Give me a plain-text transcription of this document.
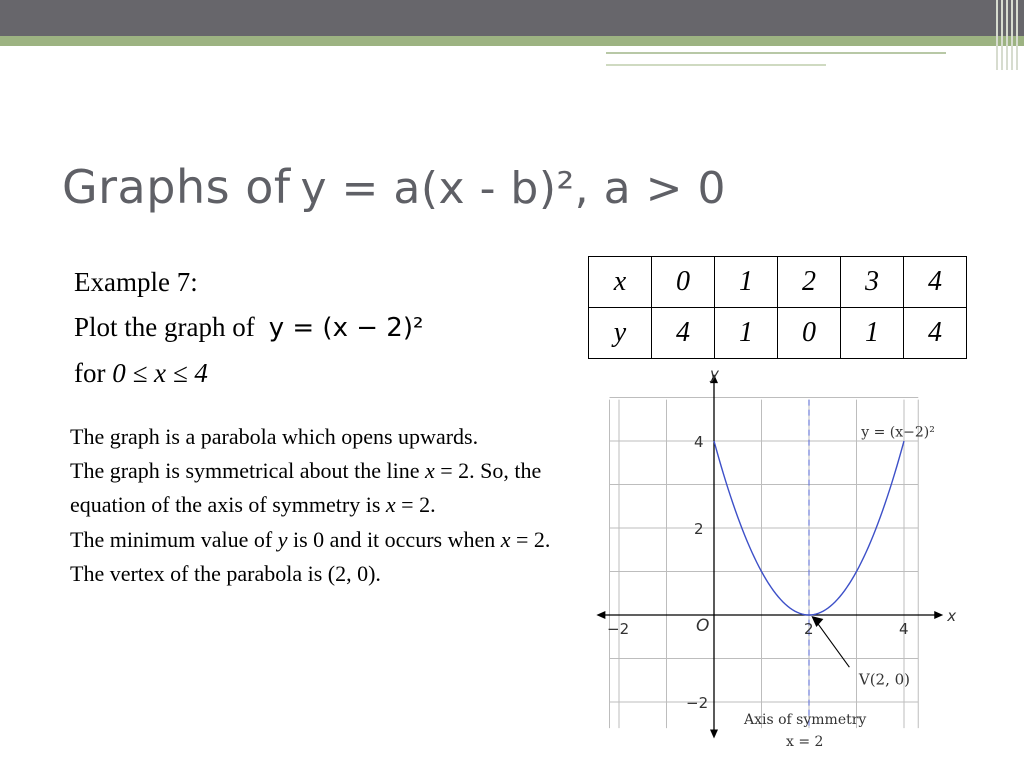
Graphs of y = a(x - b)², a > 0
Example 7:
Plot the graph of y = (x − 2)²
for 0 ≤ x ≤ 4
x	0	1	2	3	4
y	4	1	0	1	4
The graph is a parabola which opens upwards.
The graph is symmetrical about the line x = 2. So, the equation of the axis of symmetry is x = 2.
The minimum value of y is 0 and it occurs when x = 2.
The vertex of the parabola is (2, 0).
−2	2	4
4
2
−2
O	x
y
y = (x−2)²
V(2, 0)
Axis of symmetry
x = 2
